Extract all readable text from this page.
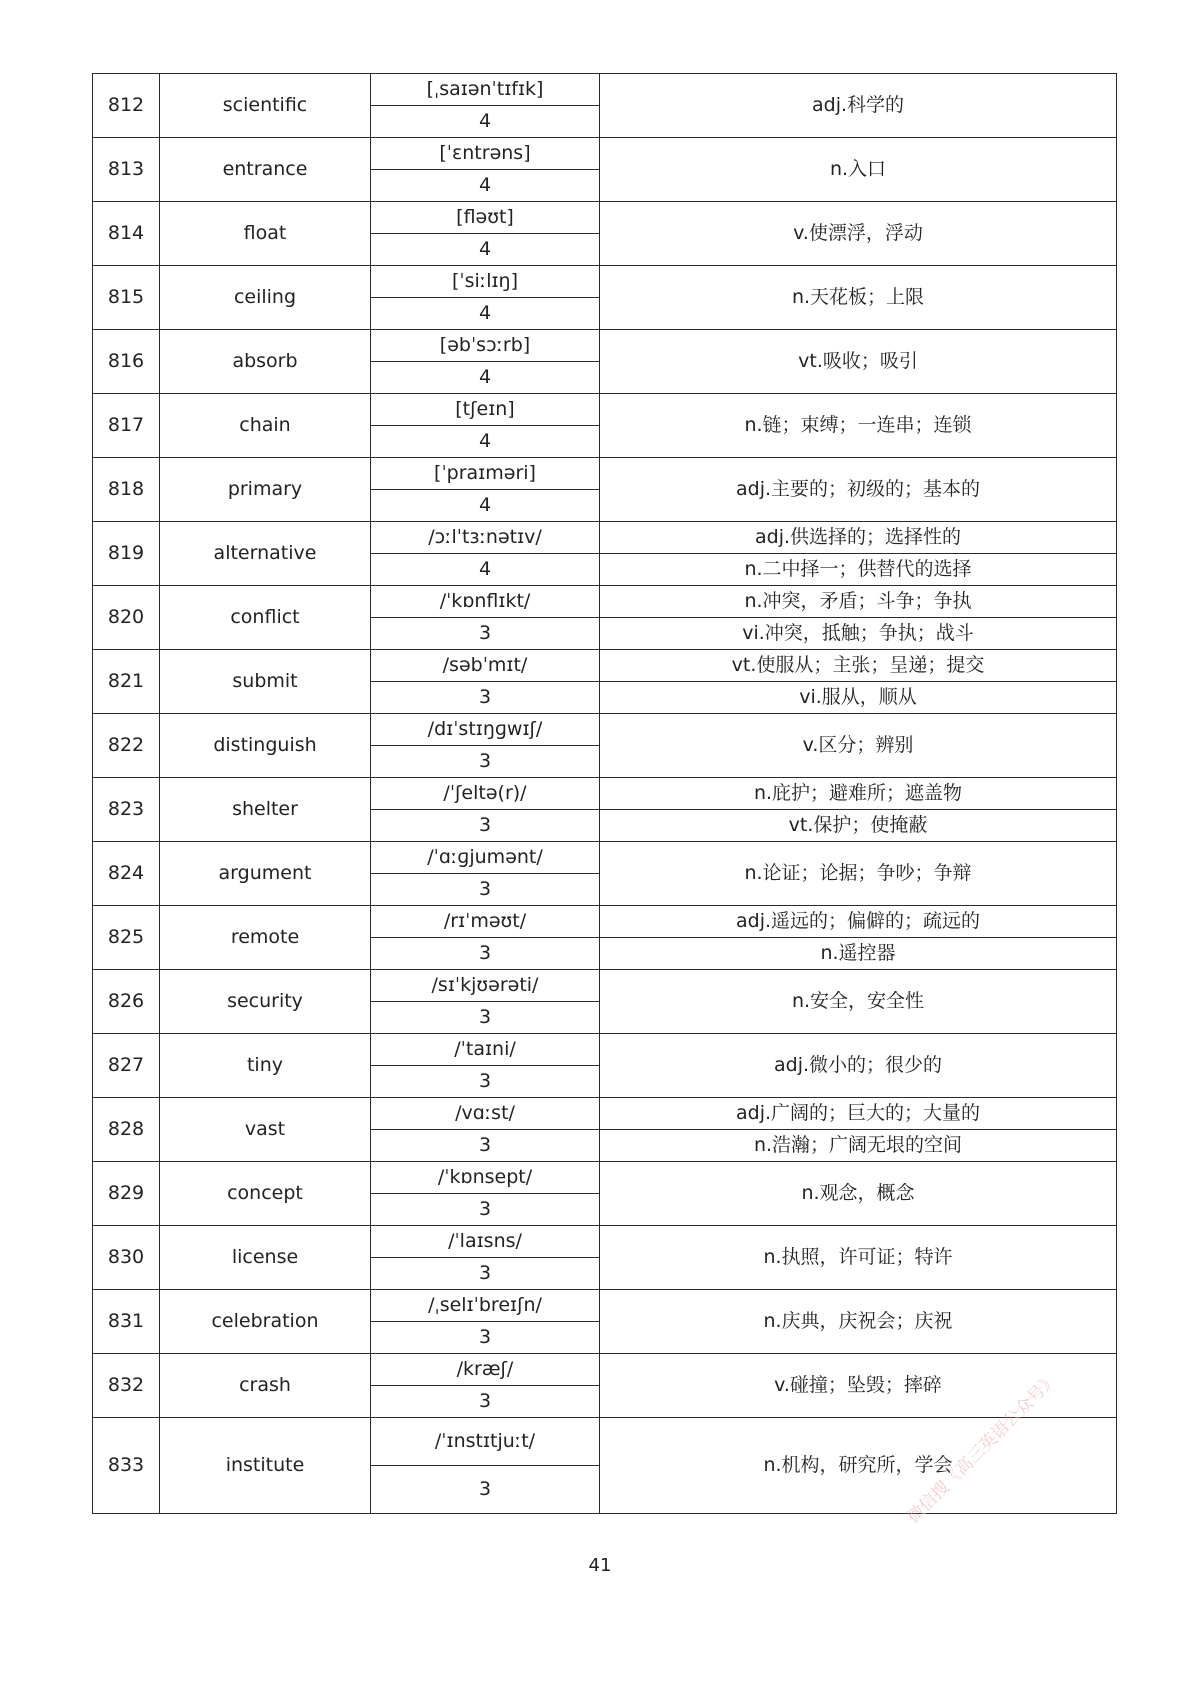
812	scientific	[ˌsaɪənˈtɪfɪk]	adj.科学的
		4	
813	entrance	[ˈɛntrəns]	n.入口
		4	
814	float	[fləʊt]	v.使漂浮，浮动
		4	
815	ceiling	[ˈsiːlɪŋ]	n.天花板；上限
		4	
816	absorb	[əbˈsɔːrb]	vt.吸收；吸引
		4	
817	chain	[tʃeɪn]	n.链；束缚；一连串；连锁
		4	
818	primary	[ˈpraɪməri]	adj.主要的；初级的；基本的
		4	
819	alternative	/ɔːlˈtɜːnətɪv/	adj.供选择的；选择性的
		4	n.二中择一；供替代的选择
820	conflict	/ˈkɒnflɪkt/	n.冲突，矛盾；斗争；争执
		3	vi.冲突，抵触；争执；战斗
821	submit	/səbˈmɪt/	vt.使服从；主张；呈递；提交
		3	vi.服从，顺从
822	distinguish	/dɪˈstɪŋɡwɪʃ/	v.区分；辨别
		3	
823	shelter	/ˈʃeltə(r)/	n.庇护；避难所；遮盖物
		3	vt.保护；使掩蔽
824	argument	/ˈɑːɡjumənt/	n.论证；论据；争吵；争辩
		3	
825	remote	/rɪˈməʊt/	adj.遥远的；偏僻的；疏远的
		3	n.遥控器
826	security	/sɪˈkjʊərəti/	n.安全，安全性
		3	
827	tiny	/ˈtaɪni/	adj.微小的；很少的
		3	
828	vast	/vɑːst/	adj.广阔的；巨大的；大量的
		3	n.浩瀚；广阔无垠的空间
829	concept	/ˈkɒnsept/	n.观念，概念
		3	
830	license	/ˈlaɪsns/	n.执照，许可证；特许
		3	
831	celebration	/ˌselɪˈbreɪʃn/	n.庆典，庆祝会；庆祝
		3	
832	crash	/kræʃ/	v.碰撞；坠毁；摔碎
		3	
833	institute	/ˈɪnstɪtjuːt/	n.机构，研究所，学会
		3	
41
微信搜《高三英语公众号》
